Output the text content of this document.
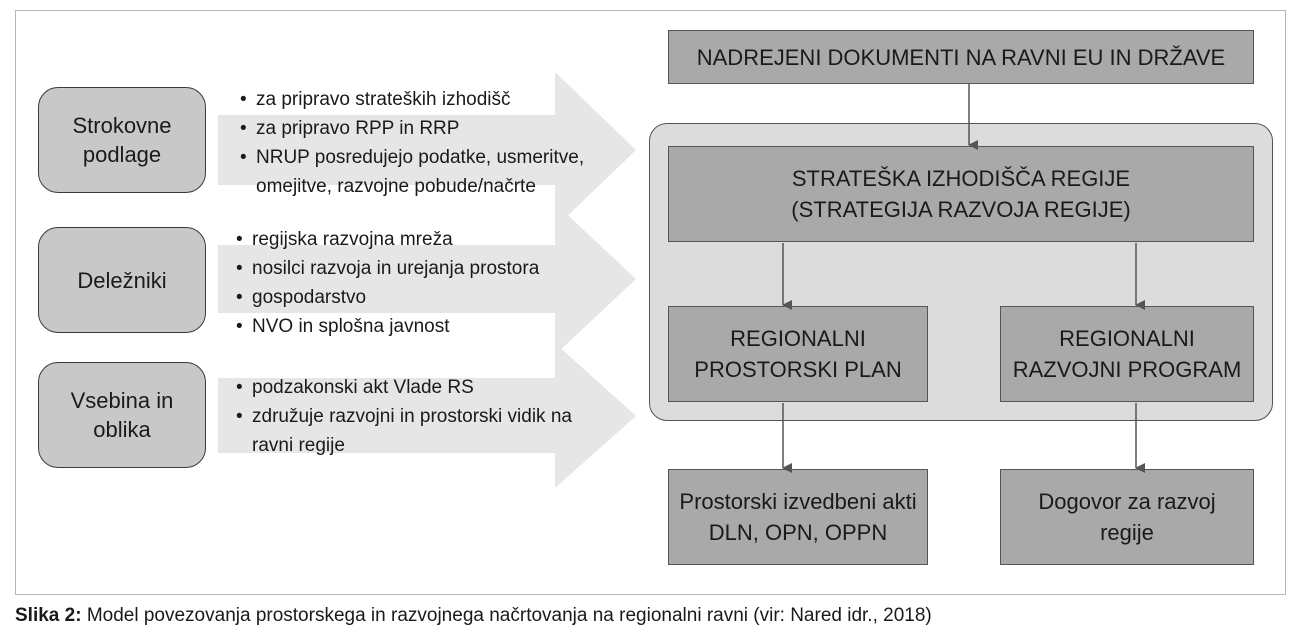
Strokovne
podlage
Deležniki
Vsebina in
oblika
• za pripravo strateških izhodišč
• za pripravo RPP in RRP
• NRUP posredujejo podatke, usmeritve,
omejitve, razvojne pobude/načrte
• regijska razvojna mreža
• nosilci razvoja in urejanja prostora
• gospodarstvo
• NVO in splošna javnost
• podzakonski akt Vlade RS
• združuje razvojni in prostorski vidik na
ravni regije
NADREJENI DOKUMENTI NA RAVNI EU IN DRŽAVE
STRATEŠKA IZHODIŠČA REGIJE
(STRATEGIJA RAZVOJA REGIJE)
REGIONALNI
PROSTORSKI PLAN
REGIONALNI
RAZVOJNI PROGRAM
Prostorski izvedbeni akti
DLN, OPN, OPPN
Dogovor za razvoj
regije
Slika 2: Model povezovanja prostorskega in razvojnega načrtovanja na regionalni ravni (vir: Nared idr., 2018)
